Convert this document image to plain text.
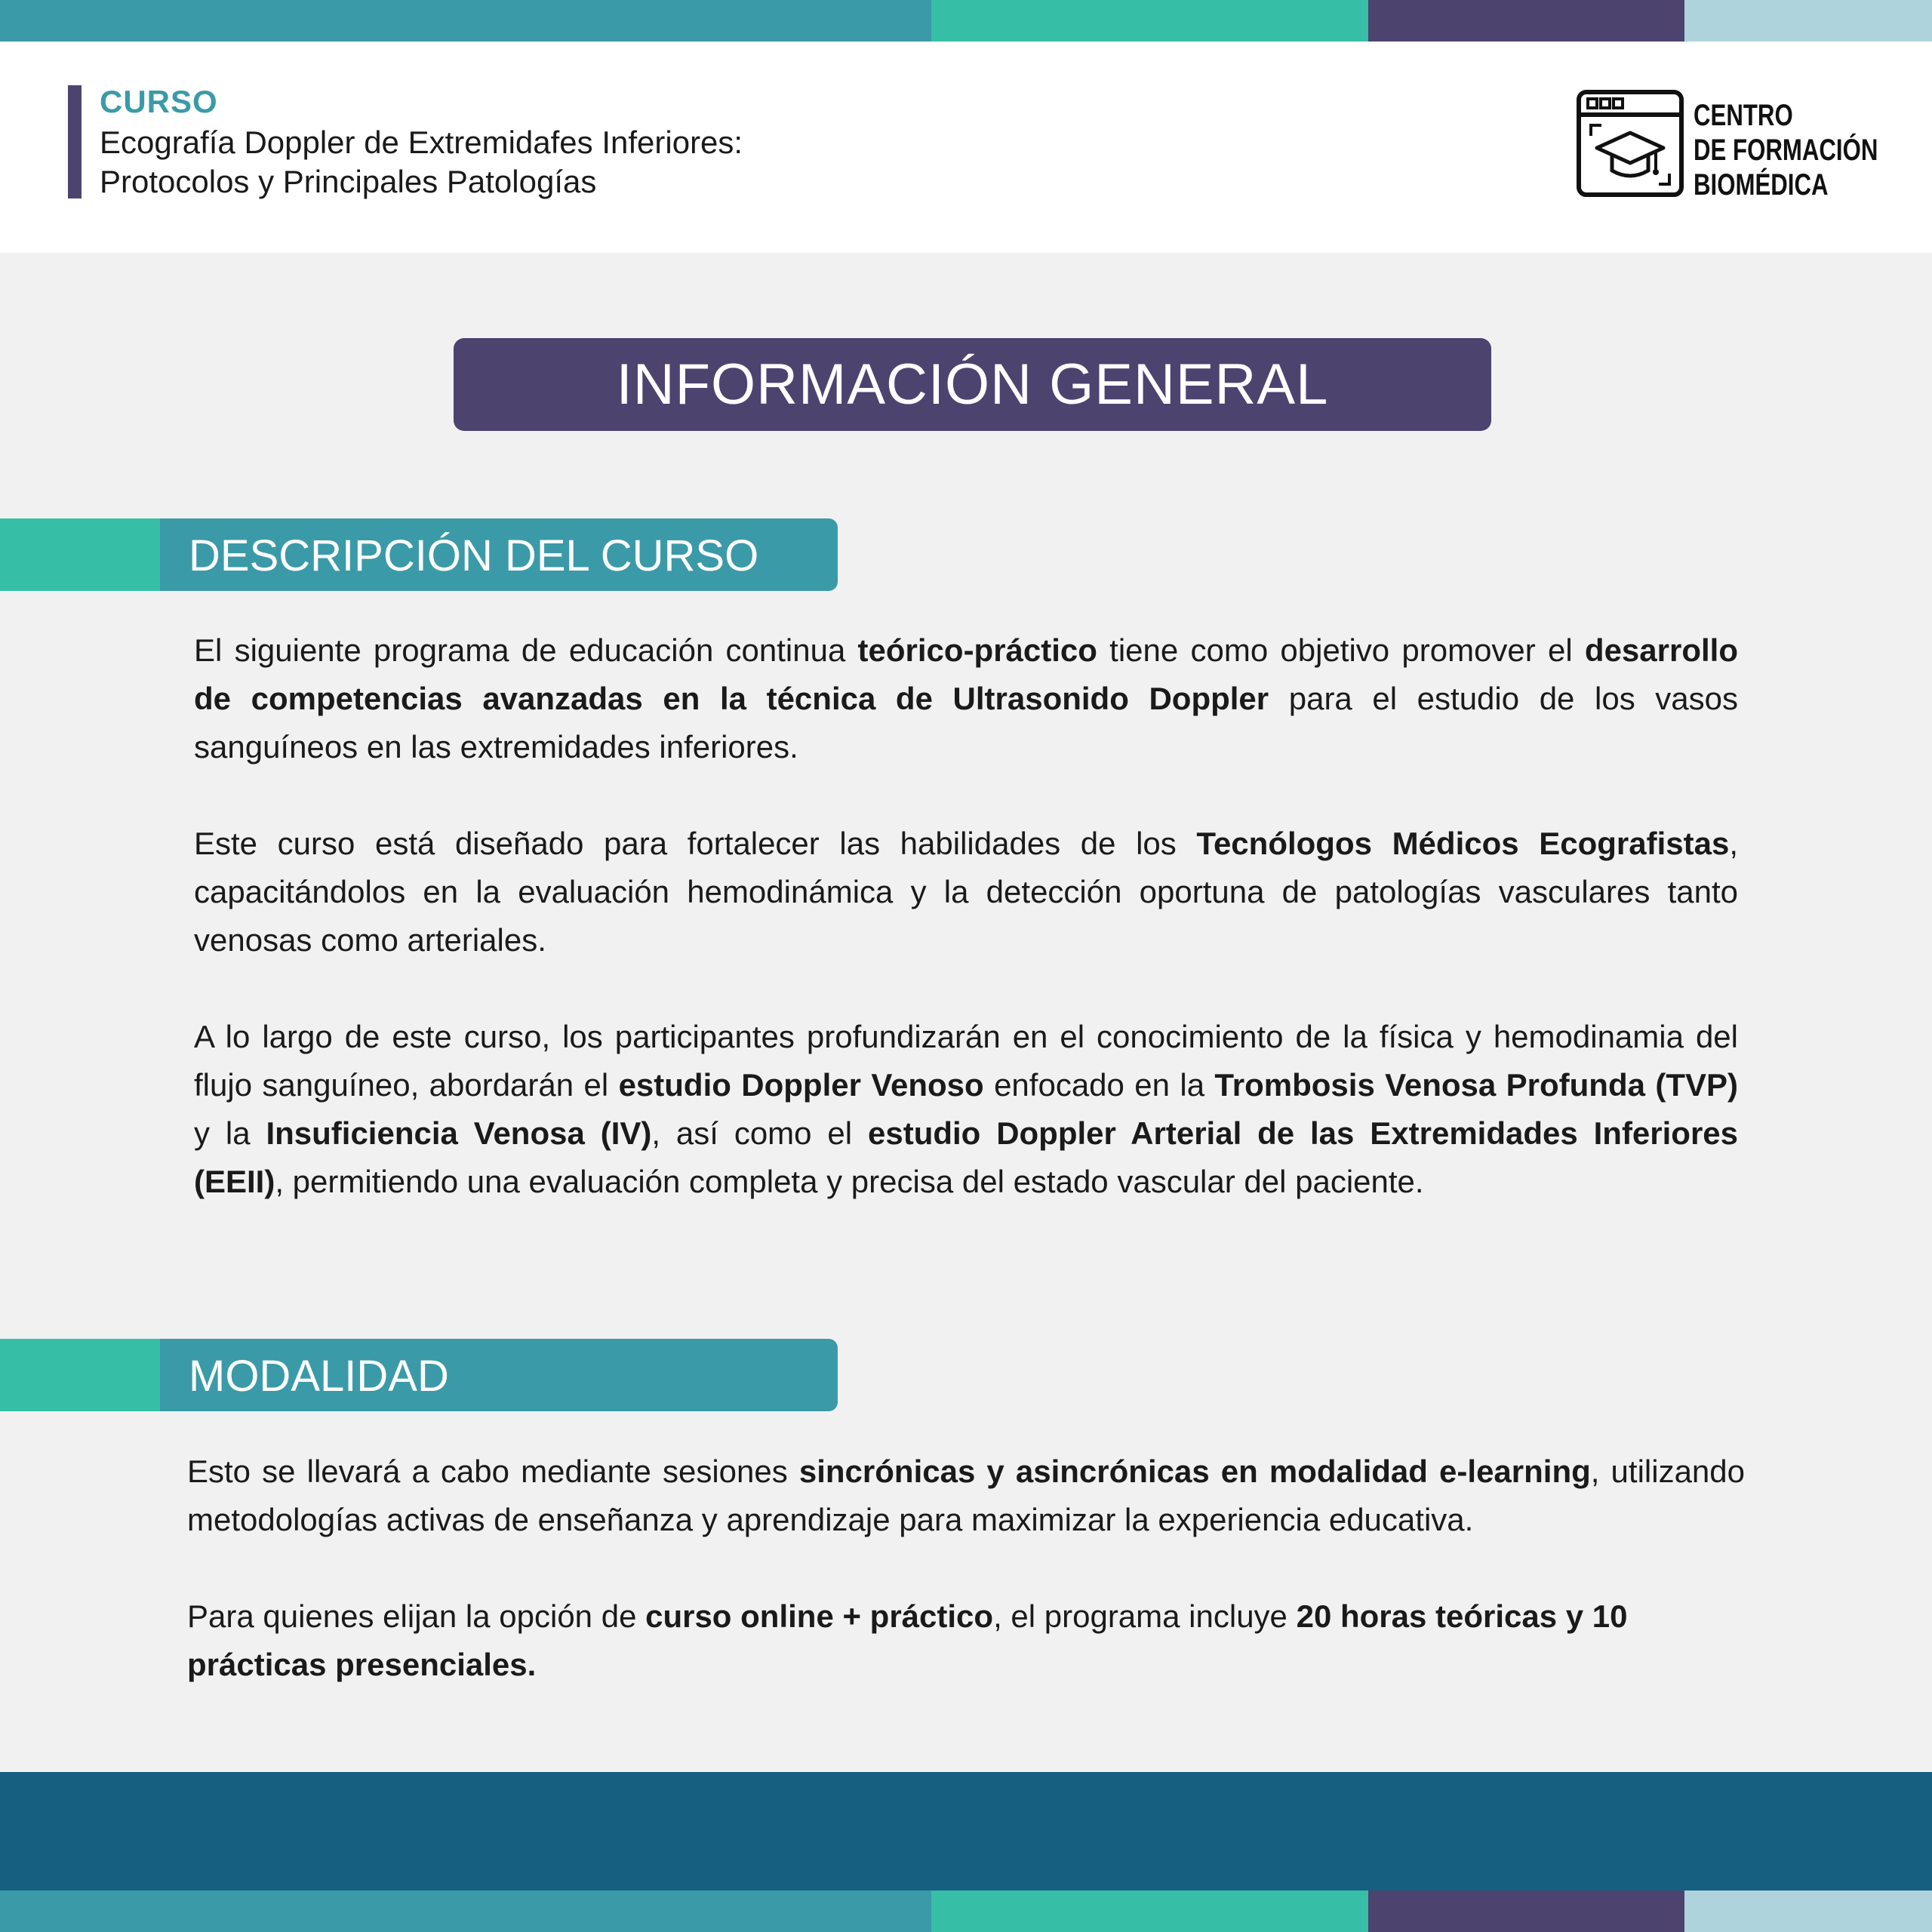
CURSO
Ecografía Doppler de Extremidafes Inferiores:
Protocolos y Principales Patologías
CENTRO
DE FORMACIÓN
BIOMÉDICA
INFORMACIÓN GENERAL
DESCRIPCIÓN DEL CURSO
El siguiente programa de educación continua teórico-práctico tiene como objetivo promover el desarrollo de competencias avanzadas en la técnica de Ultrasonido Doppler para el estudio de los vasos sanguíneos en las extremidades inferiores.
Este curso está diseñado para fortalecer las habilidades de los Tecnólogos Médicos Ecografistas, capacitándolos en la evaluación hemodinámica y la detección oportuna de patologías vasculares tanto venosas como arteriales.
A lo largo de este curso, los participantes profundizarán en el conocimiento de la física y hemodinamia del flujo sanguíneo, abordarán el estudio Doppler Venoso enfocado en la Trombosis Venosa Profunda (TVP) y la Insuficiencia Venosa (IV), así como el estudio Doppler Arterial de las Extremidades Inferiores (EEII), permitiendo una evaluación completa y precisa del estado vascular del paciente.
MODALIDAD
Esto se llevará a cabo mediante sesiones sincrónicas y asincrónicas en modalidad e-learning, utilizando metodologías activas de enseñanza y aprendizaje para maximizar la experiencia educativa.
Para quienes elijan la opción de curso online + práctico, el programa incluye 20 horas teóricas y 10 prácticas presenciales.
